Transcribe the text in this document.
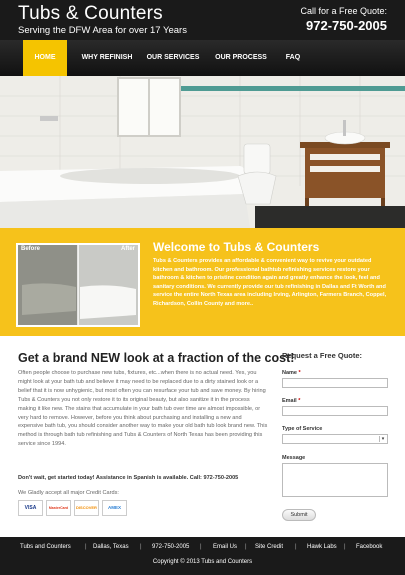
Tubs & Counters
Serving the DFW Area for over 17 Years
Call for a Free Quote:
972-750-2005
HOME	WHY REFINISH OUR SERVICES OUR PROCESS	FAQ
Before	After Welcome to Tubs & Counters
Tubs & Counters provides an affordable & convenient way to revive your outdated kitchen and bathroom. Our professional bathtub refinishing services restore your bathroom & kitchen to pristine condition again and greatly enhance the look, feel and sanitary conditions. We currently provide our tub refinishing in Dallas and Ft Worth and service the entire North Texas area including Irving, Arlington, Farmers Branch, Coppel, Richardson, Collin County and more..
Get a brand NEW look at a fraction of the cost!
Often people choose to purchase new tubs, fixtures, etc...when there is no actual need. Yes, you might look at your bath tub and believe it may need to be replaced due to a dirty stained look or a belief that it is now unhygienic, but most often you can resurface your tub and save money. By hiring Tubs & Counters you not only restore it to its original beauty, but also sanitize it in the process making it like new. The stains that accumulate in your bath tub over time are almost impossible, or very hard to remove. However, before you think about purchasing and installing a new and expensive bath tub, you should consider another way to make your old bath tub look brand new. This method is through bath tub refinishing and Tubs & Counters of North Texas has been providing this service since 1994.
Don't wait, get started today! Assistance in Spanish is available. Call: 972-750-2005
We Gladly accept all major Credit Cards:
VISA	MasterCard	DISCOVER	AMEX
Request a Free Quote:
Name *
Email *
Type of Service
▾
Message
Submit
Tubs and Counters | Dallas, Texas | 972-750-2005 | Email Us | Site Credit | Hawk Labs | Facebook
Copyright © 2013 Tubs and Counters
